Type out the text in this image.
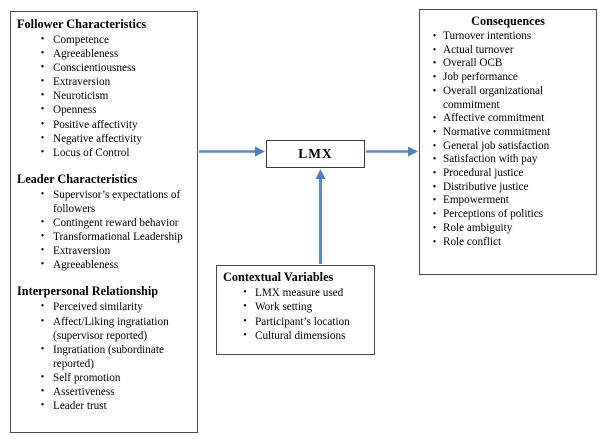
Follower Characteristics
• Competence
• Agreeableness
• Conscientiousness
• Extraversion
• Neuroticism
• Openness
• Positive affectivity
• Negative affectivity
• Locus of Control
Leader Characteristics
• Supervisor’s expectations of followers
• Contingent reward behavior
• Transformational Leadership
• Extraversion
• Agreeableness
Interpersonal Relationship
• Perceived similarity
• Affect/Liking ingratiation (supervisor reported)
• Ingratiation (subordinate reported)
• Self promotion
• Assertiveness
• Leader trust
LMX
Consequences
• Turnover intentions
• Actual turnover
• Overall OCB
• Job performance
• Overall organizational commitment
• Affective commitment
• Normative commitment
• General job satisfaction
• Satisfaction with pay
• Procedural justice
• Distributive justice
• Empowerment
• Perceptions of politics
• Role ambiguity
• Role conflict
Contextual Variables
• LMX measure used
• Work setting
• Participant’s location
• Cultural dimensions
